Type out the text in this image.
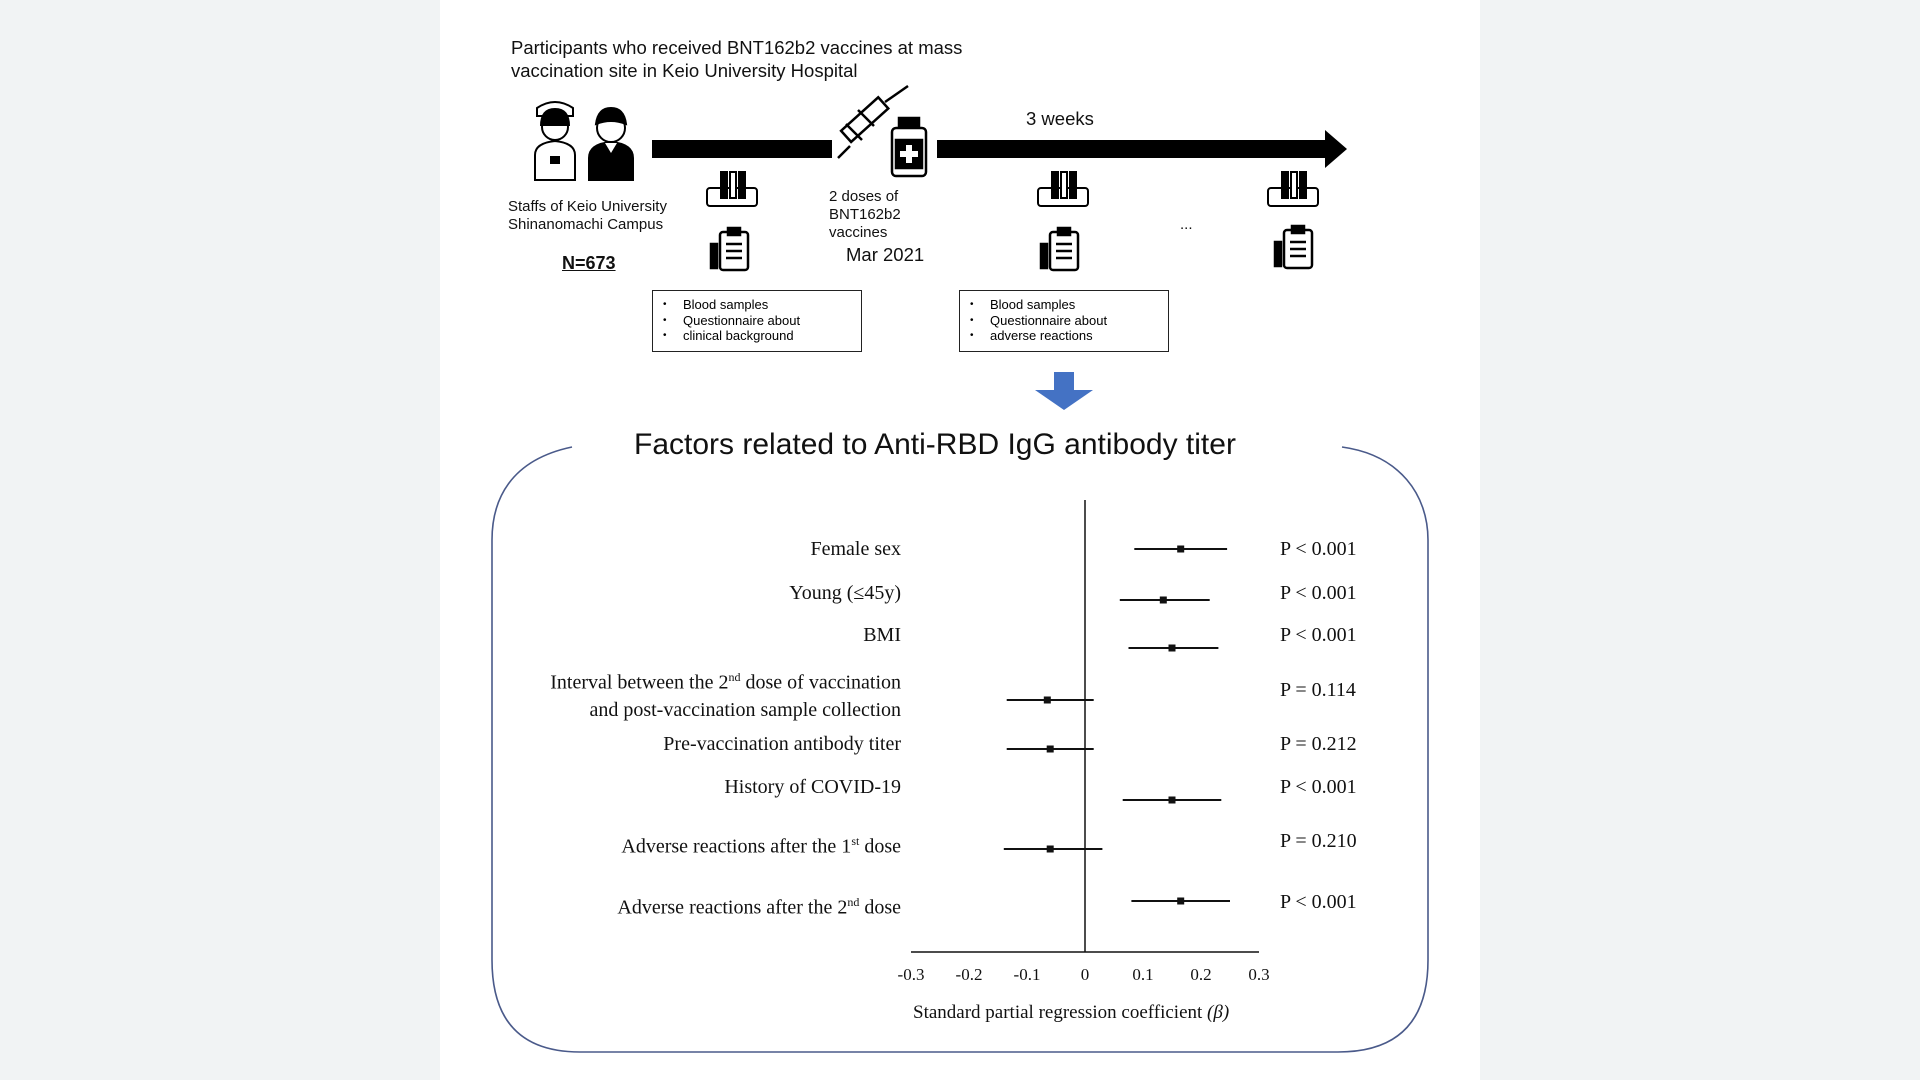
Participants who received BNT162b2 vaccines at mass
vaccination site in Keio University Hospital
3 weeks
Staffs of Keio University
Shinanomachi Campus
N=673
2 doses of
BNT162b2
vaccines
Mar 2021
...
• Blood samples
• Questionnaire about
• clinical background
• Blood samples
• Questionnaire about
• adverse reactions
Factors related to Anti-RBD IgG antibody titer
Female sex
Young (≤45y)
BMI
Interval between the 2nd dose of vaccination
and post-vaccination sample collection
Pre-vaccination antibody titer
History of COVID-19
Adverse reactions after the 1st dose
Adverse reactions after the 2nd dose
P < 0.001
P < 0.001
P < 0.001
P = 0.114
P = 0.212
P < 0.001
P = 0.210
P < 0.001
-0.3 -0.2 -0.1 0	0.1 0.2 0.3
Standard partial regression coefficient (β)
